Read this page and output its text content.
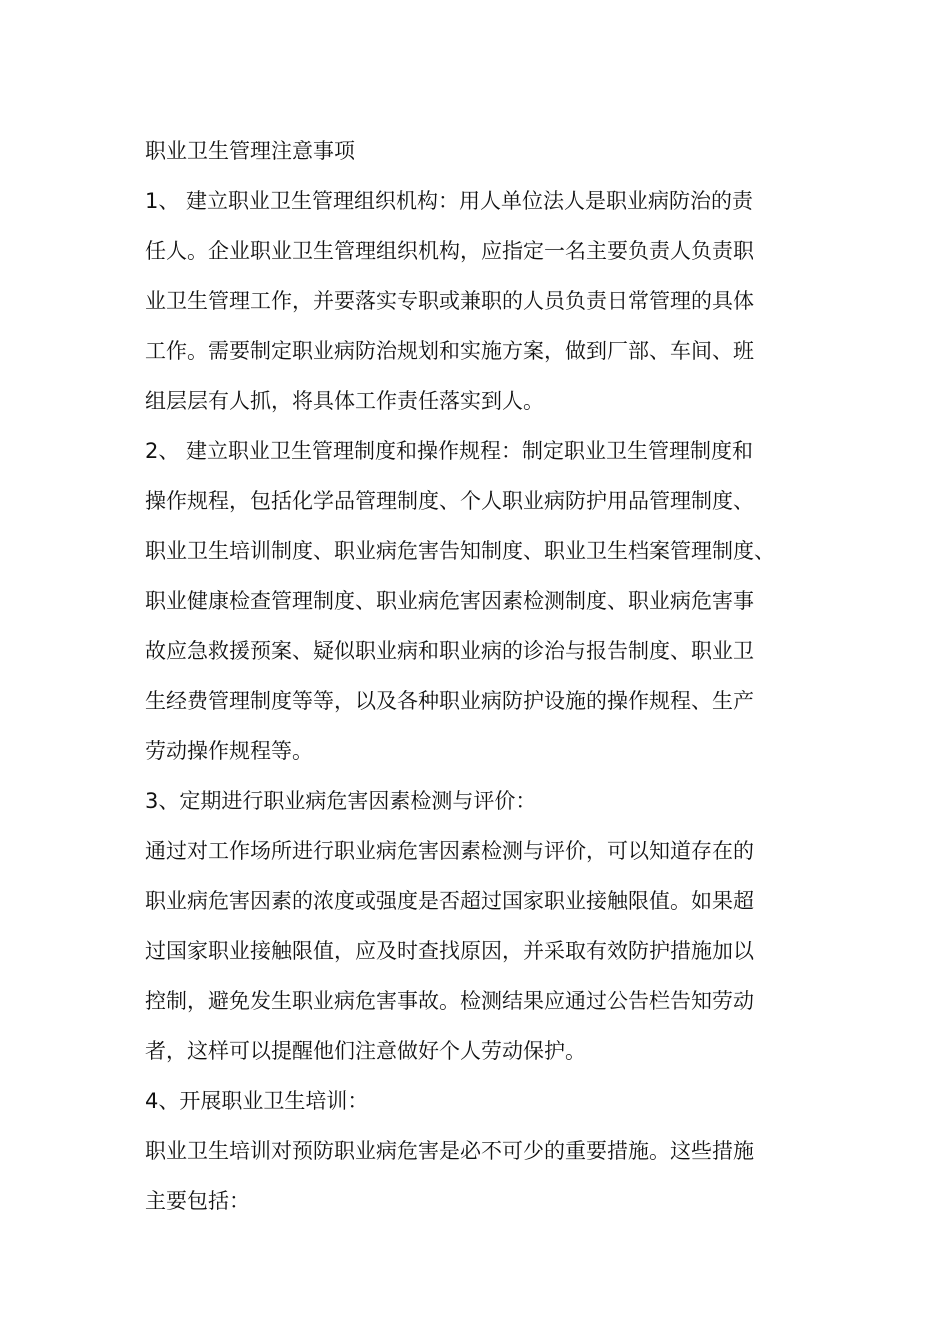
职业卫生管理注意事项
1、 建立职业卫生管理组织机构：用人单位法人是职业病防治的责
任人。企业职业卫生管理组织机构，应指定一名主要负责人负责职
业卫生管理工作，并要落实专职或兼职的人员负责日常管理的具体
工作。需要制定职业病防治规划和实施方案，做到厂部、车间、班
组层层有人抓，将具体工作责任落实到人。
2、 建立职业卫生管理制度和操作规程：制定职业卫生管理制度和
操作规程，包括化学品管理制度、个人职业病防护用品管理制度、
职业卫生培训制度、职业病危害告知制度、职业卫生档案管理制度、
职业健康检查管理制度、职业病危害因素检测制度、职业病危害事
故应急救援预案、疑似职业病和职业病的诊治与报告制度、职业卫
生经费管理制度等等，以及各种职业病防护设施的操作规程、生产
劳动操作规程等。
3、定期进行职业病危害因素检测与评价：
通过对工作场所进行职业病危害因素检测与评价，可以知道存在的
职业病危害因素的浓度或强度是否超过国家职业接触限值。如果超
过国家职业接触限值，应及时查找原因，并采取有效防护措施加以
控制，避免发生职业病危害事故。检测结果应通过公告栏告知劳动
者，这样可以提醒他们注意做好个人劳动保护。
4、开展职业卫生培训：
职业卫生培训对预防职业病危害是必不可少的重要措施。这些措施
主要包括：
